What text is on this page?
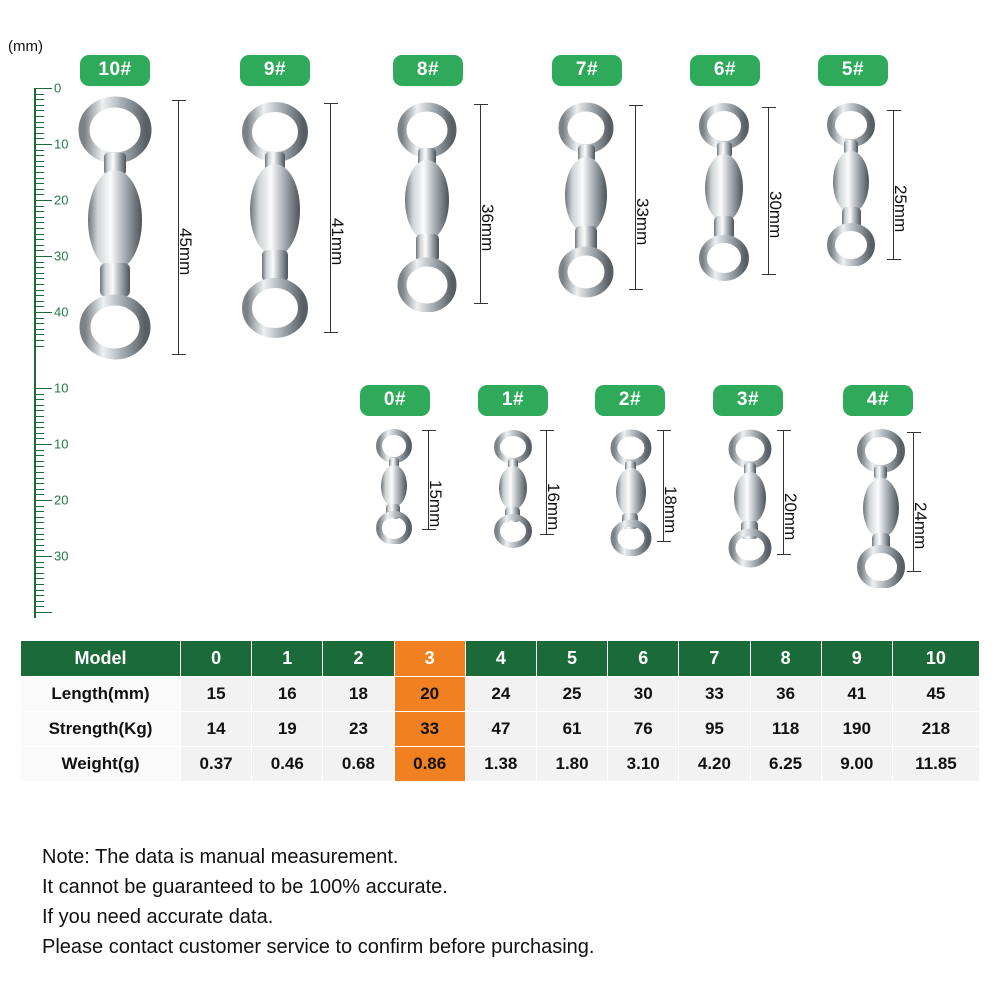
(mm)
0
10
20
30
40
10
10
20
30
10#
45mm
9#
41mm
8#
36mm
7#
33mm
6#
30mm
5#
25mm
0#
15mm
1#
16mm
2#
18mm
3#
20mm
4#
24mm
Model	0	1	2	3	4	5	6	7	8	9	10
Length(mm)	15	16	18	20	24	25	30	33	36	41	45
Strength(Kg)	14	19	23	33	47	61	76	95	118	190	218
Weight(g)	0.37	0.46	0.68	0.86	1.38	1.80	3.10	4.20	6.25	9.00	11.85
Note: The data is manual measurement.
It cannot be guaranteed to be 100% accurate.
If you need accurate data.
Please contact customer service to confirm before purchasing.
